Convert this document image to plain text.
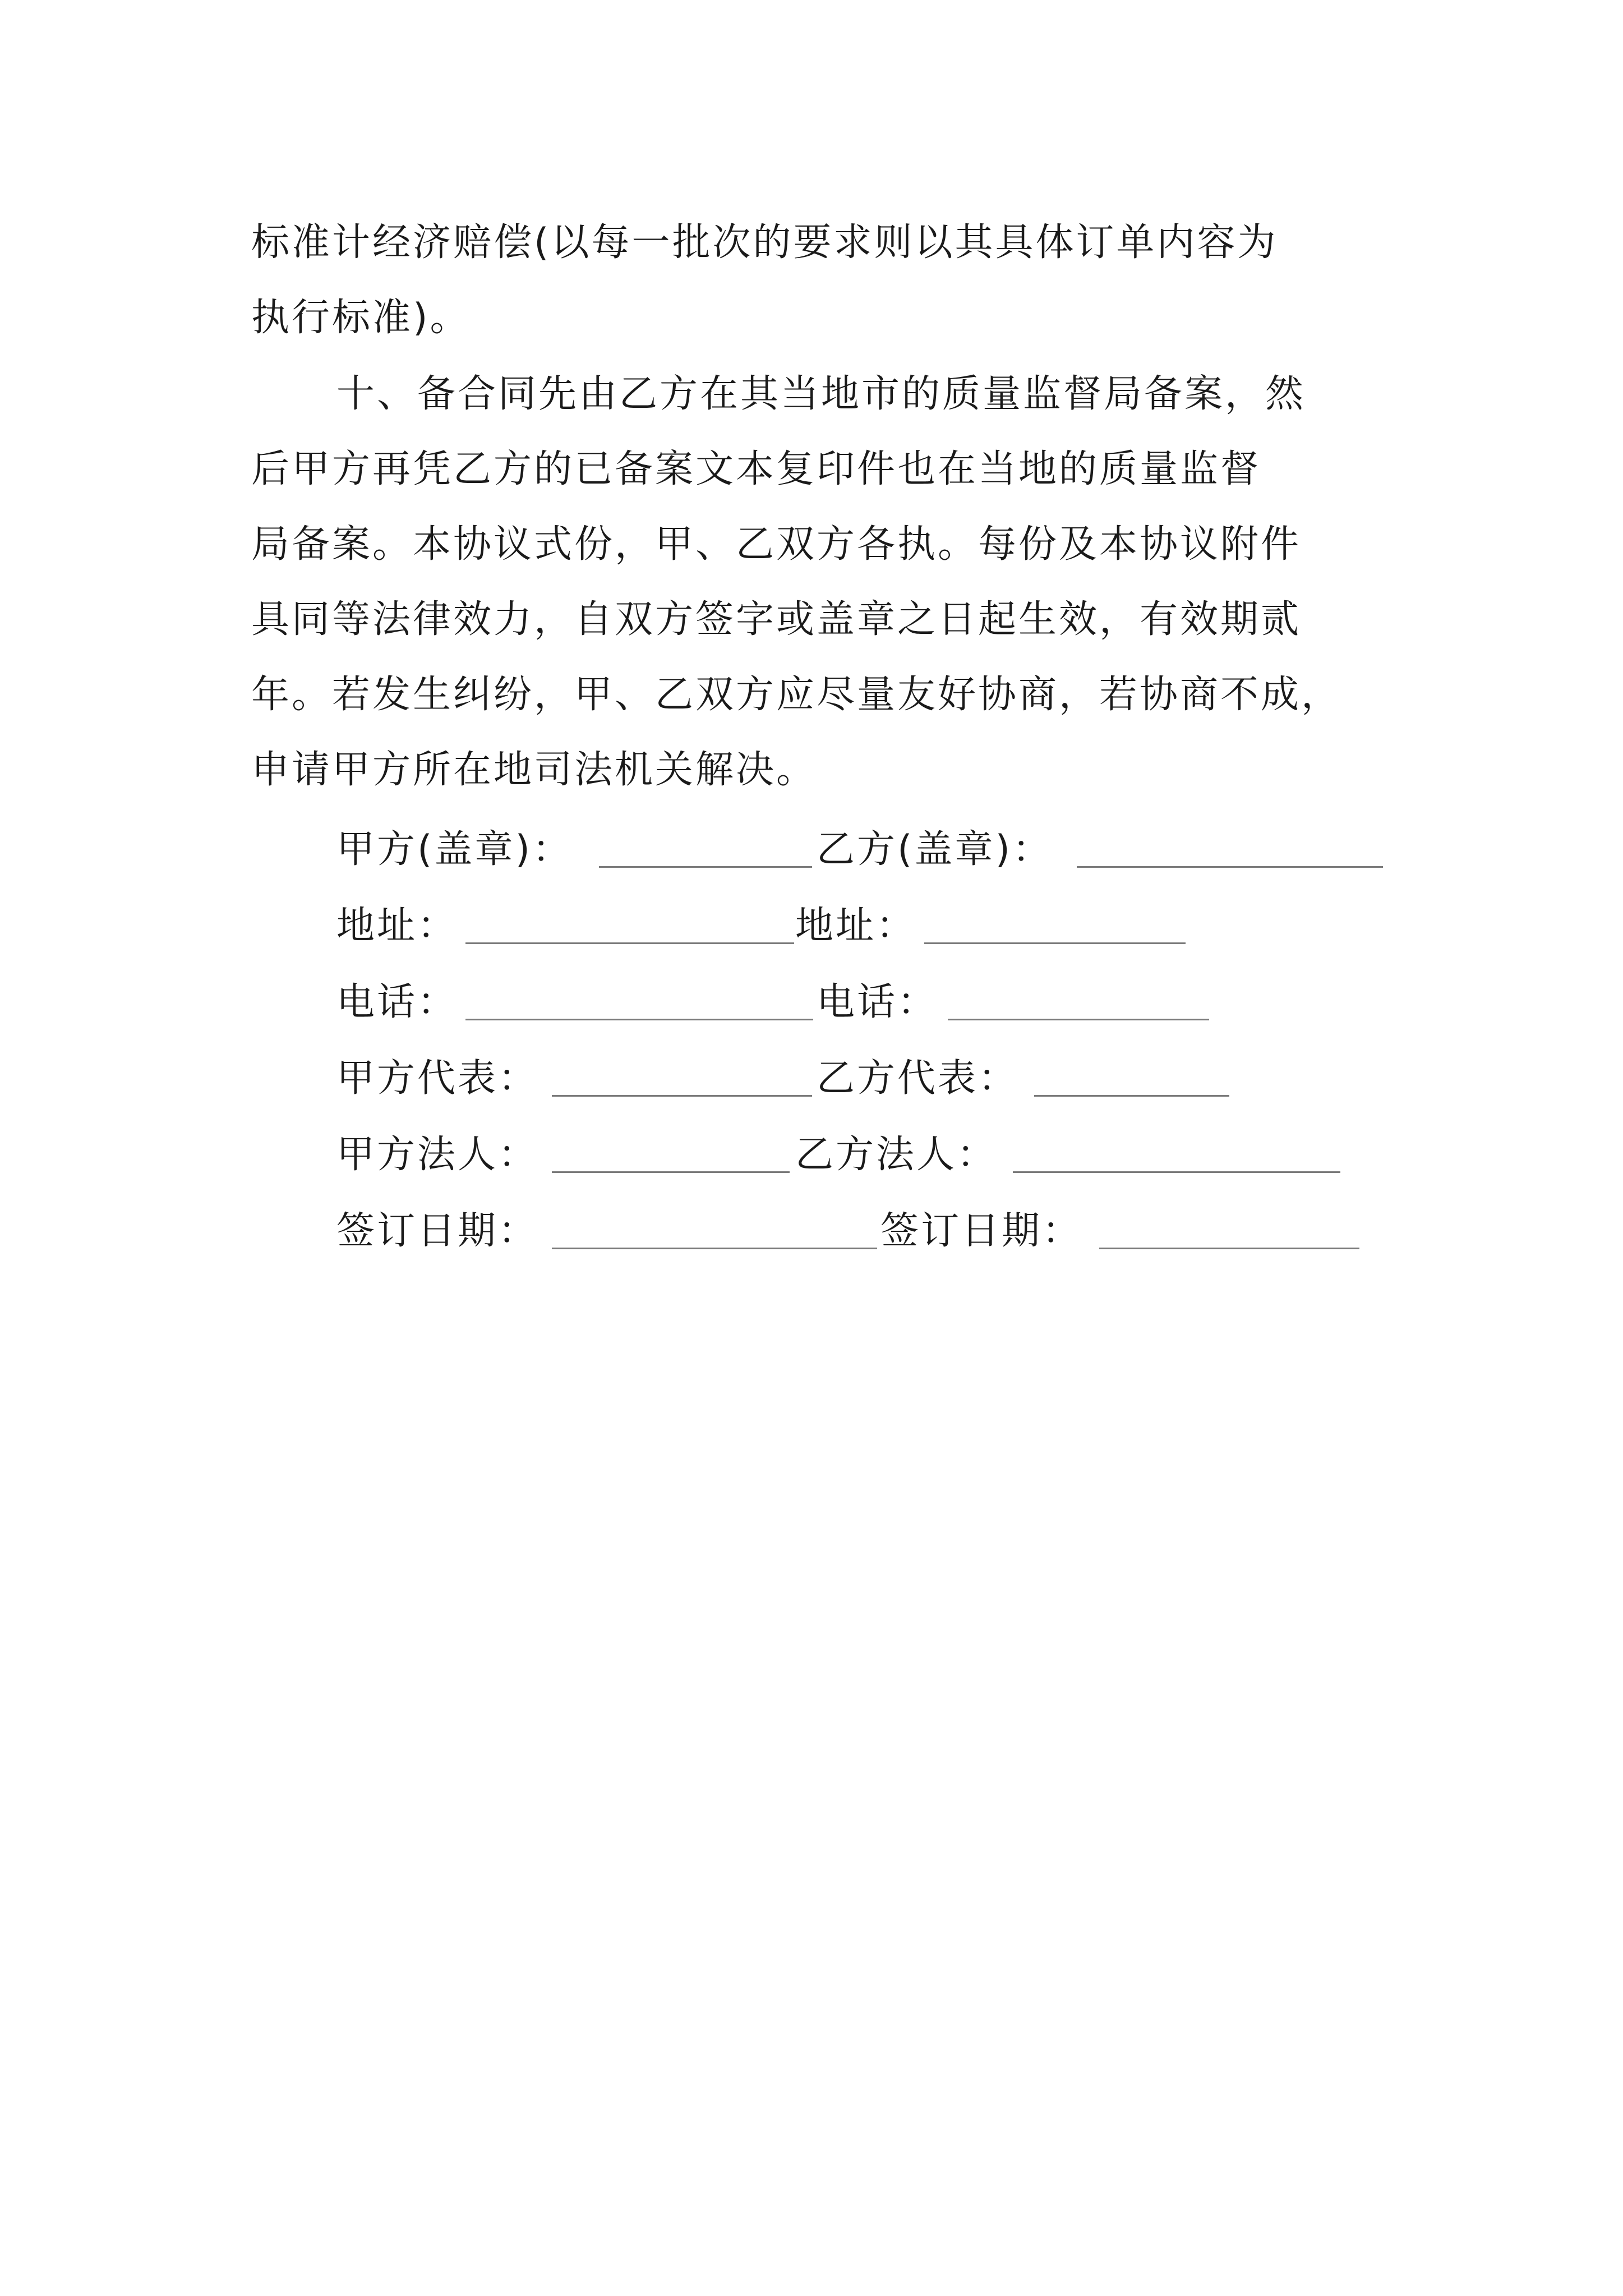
标准计经济赔偿(以每一批次的要求则以其具体订单内容为
执行标准)。
十、备合同先由乙方在其当地市的质量监督局备案，然
后甲方再凭乙方的已备案文本复印件也在当地的质量监督
局备案。本协议式份，甲、乙双方各执。每份及本协议附件
具同等法律效力，自双方签字或盖章之日起生效，有效期贰
年。若发生纠纷，甲、乙双方应尽量友好协商，若协商不成，
申请甲方所在地司法机关解决。
甲方(盖章)：	乙方(盖章)：
地址：	地址：
电话：	电话：
甲方代表：	乙方代表：
甲方法人：	乙方法人：
签订日期：	签订日期：
